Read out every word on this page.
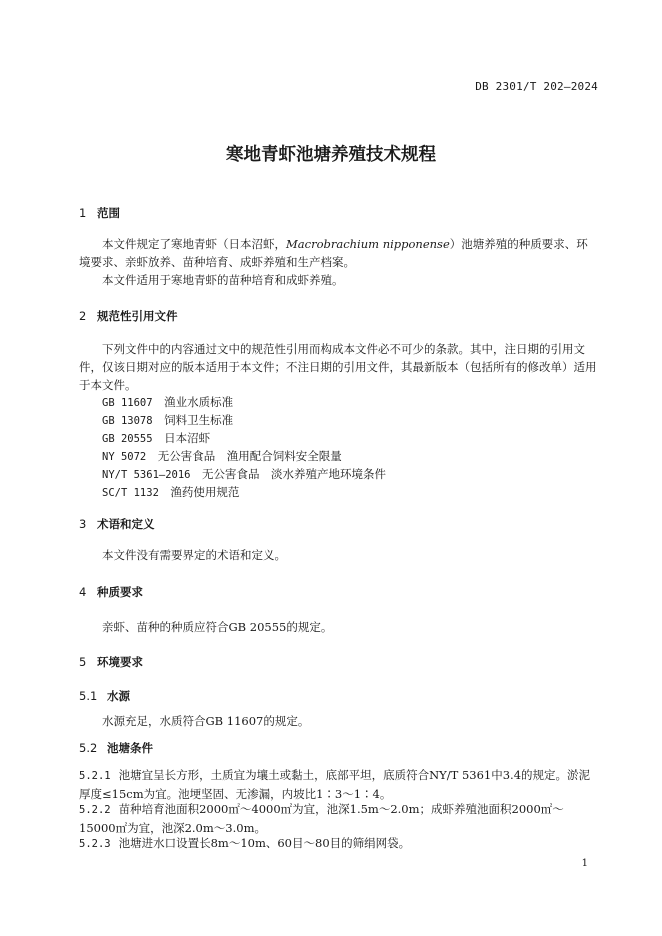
DB 2301/T 202—2024
寒地青虾池塘养殖技术规程
1 范围
本文件规定了寒地青虾（日本沼虾，Macrobrachium nipponense）池塘养殖的种质要求、环境要求、亲虾放养、苗种培育、成虾养殖和生产档案。
本文件适用于寒地青虾的苗种培育和成虾养殖。
2 规范性引用文件
下列文件中的内容通过文中的规范性引用而构成本文件必不可少的条款。其中，注日期的引用文件，仅该日期对应的版本适用于本文件；不注日期的引用文件，其最新版本（包括所有的修改单）适用于本文件。
GB 11607　 渔业水质标准
GB 13078　 饲料卫生标准
GB 20555　 日本沼虾
NY 5072　 无公害食品　渔用配合饲料安全限量
NY/T 5361—2016　 无公害食品　淡水养殖产地环境条件
SC/T 1132　 渔药使用规范
3 术语和定义
本文件没有需要界定的术语和定义。
4 种质要求
亲虾、苗种的种质应符合GB 20555的规定。
5 环境要求
5.1 水源
水源充足，水质符合GB 11607的规定。
5.2 池塘条件
5.2.1 池塘宜呈长方形，土质宜为壤土或黏土，底部平坦，底质符合NY/T 5361中3.4的规定。淤泥厚度≤15cm为宜。池埂坚固、无渗漏，内坡比1∶3～1∶4。
5.2.2 苗种培育池面积2000㎡～4000㎡为宜，池深1.5m～2.0m；成虾养殖池面积2000㎡～15000㎡为宜，池深2.0m～3.0m。
5.2.3 池塘进水口设置长8m～10m、60目～80目的筛绢网袋。
1
